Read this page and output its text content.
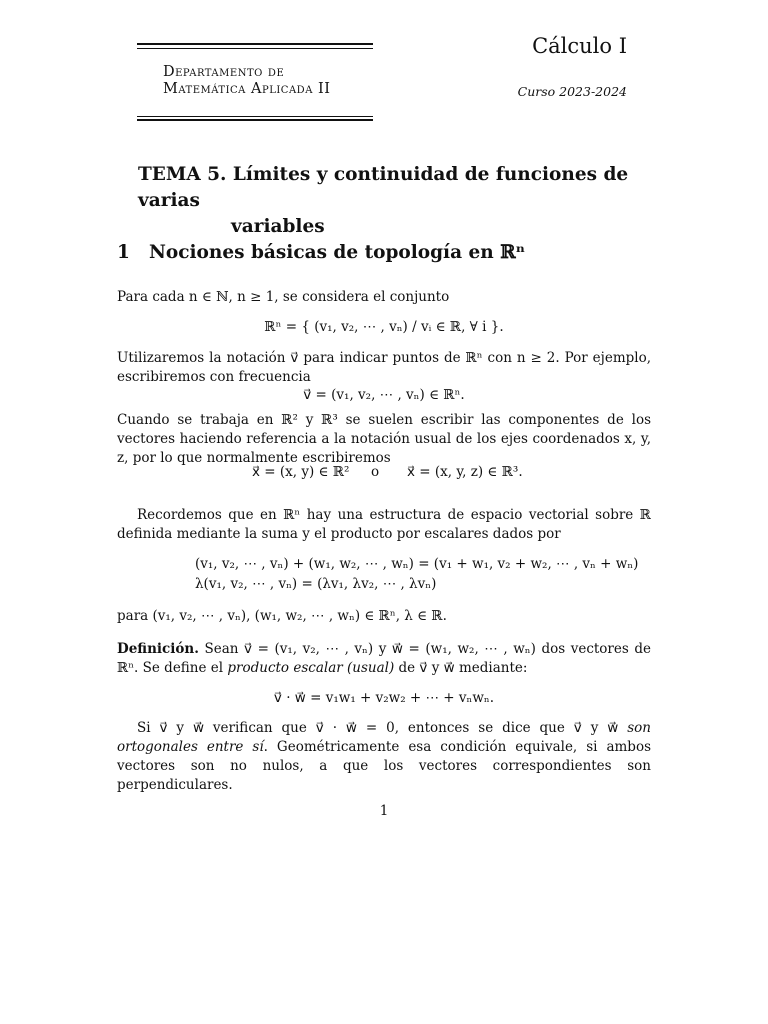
Departamento de
Matemática Aplicada II
Cálculo I
Curso 2023-2024
TEMA 5. Límites y continuidad de funciones de varias
variables
1 Nociones básicas de topología en ℝⁿ
Para cada n ∈ ℕ, n ≥ 1, se considera el conjunto
ℝⁿ = { (v₁, v₂, ⋯ , vₙ) / vᵢ ∈ ℝ, ∀ i }.
Utilizaremos la notación v⃗ para indicar puntos de ℝⁿ con n ≥ 2. Por ejemplo, escribiremos con frecuencia
v⃗ = (v₁, v₂, ⋯ , vₙ) ∈ ℝⁿ.
Cuando se trabaja en ℝ² y ℝ³ se suelen escribir las componentes de los vectores haciendo referencia a la notación usual de los ejes coordenados x, y, z, por lo que normalmente escribiremos
x⃗ = (x, y) ∈ ℝ² o x⃗ = (x, y, z) ∈ ℝ³.
Recordemos que en ℝⁿ hay una estructura de espacio vectorial sobre ℝ definida mediante la suma y el producto por escalares dados por
(v₁, v₂, ⋯ , vₙ) + (w₁, w₂, ⋯ , wₙ) = (v₁ + w₁, v₂ + w₂, ⋯ , vₙ + wₙ)
λ(v₁, v₂, ⋯ , vₙ) = (λv₁, λv₂, ⋯ , λvₙ)
para (v₁, v₂, ⋯ , vₙ), (w₁, w₂, ⋯ , wₙ) ∈ ℝⁿ, λ ∈ ℝ.
Definición. Sean v⃗ = (v₁, v₂, ⋯ , vₙ) y w⃗ = (w₁, w₂, ⋯ , wₙ) dos vectores de ℝⁿ. Se define el producto escalar (usual) de v⃗ y w⃗ mediante:
v⃗ · w⃗ = v₁w₁ + v₂w₂ + ⋯ + vₙwₙ.
Si v⃗ y w⃗ verifican que v⃗ · w⃗ = 0, entonces se dice que v⃗ y w⃗ son ortogonales entre sí. Geométricamente esa condición equivale, si ambos vectores son no nulos, a que los vectores correspondientes son perpendiculares.
1
